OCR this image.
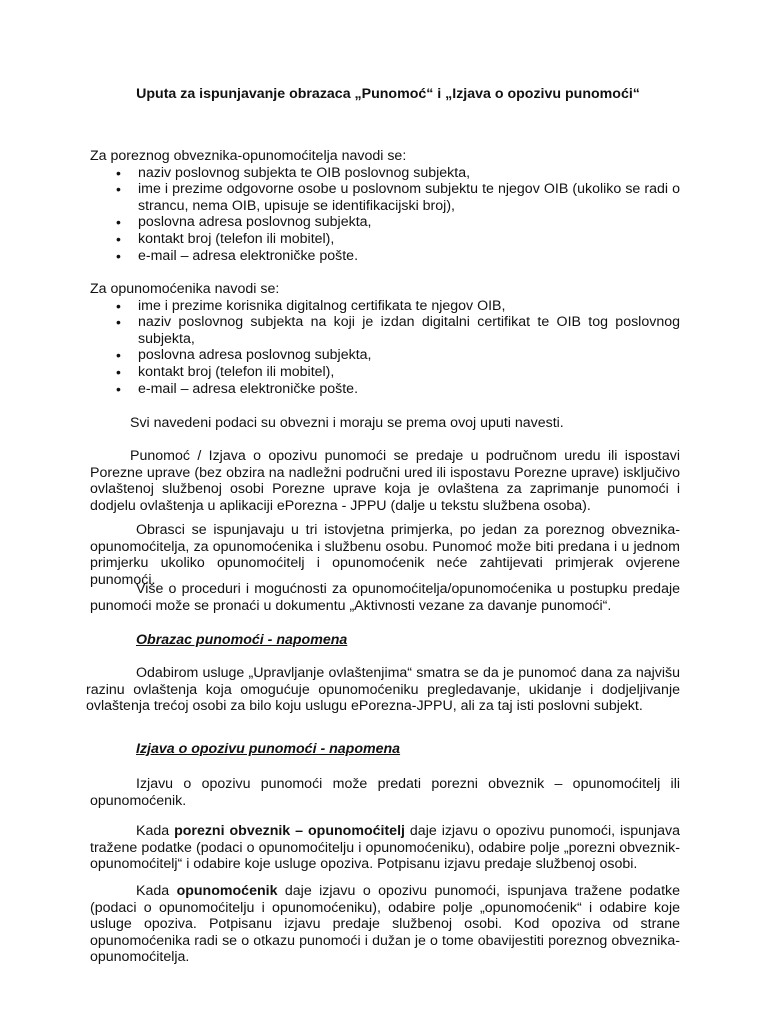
Uputa za ispunjavanje obrazaca „Punomoć“ i „Izjava o opozivu punomoći“

Za poreznog obveznika-opunomoćitelja navodi se:

• naziv poslovnog subjekta te OIB poslovnog subjekta,
• ime i prezime odgovorne osobe u poslovnom subjektu te njegov OIB (ukoliko se radi o strancu, nema OIB, upisuje se identifikacijski broj),
• poslovna adresa poslovnog subjekta,
• kontakt broj (telefon ili mobitel),
• e-mail – adresa elektroničke pošte.

Za opunomoćenika navodi se:

• ime i prezime korisnika digitalnog certifikata te njegov OIB,
• naziv poslovnog subjekta na koji je izdan digitalni certifikat te OIB tog poslovnog subjekta,
• poslovna adresa poslovnog subjekta,
• kontakt broj (telefon ili mobitel),
• e-mail – adresa elektroničke pošte.

Svi navedeni podaci su obvezni i moraju se prema ovoj uputi navesti.

Punomoć / Izjava o opozivu punomoći se predaje u područnom uredu ili ispostavi Porezne uprave (bez obzira na nadležni područni ured ili ispostavu Porezne uprave) isključivo ovlaštenoj službenoj osobi Porezne uprave koja je ovlaštena za zaprimanje punomoći i dodjelu ovlaštenja u aplikaciji ePorezna - JPPU (dalje u tekstu službena osoba).

Obrasci se ispunjavaju u tri istovjetna primjerka, po jedan za poreznog obveznika-opunomoćitelja, za opunomoćenika i službenu osobu. Punomoć može biti predana i u jednom primjerku ukoliko opunomoćitelj i opunomoćenik neće zahtijevati primjerak ovjerene punomoći.

Više o proceduri i mogućnosti za opunomoćitelja/opunomoćenika u postupku predaje punomoći može se pronaći u dokumentu „Aktivnosti vezane za davanje punomoći“.

Obrazac punomoći - napomena

Odabirom usluge „Upravljanje ovlaštenjima“ smatra se da je punomoć dana za najvišu razinu ovlaštenja koja omogućuje opunomoćeniku pregledavanje, ukidanje i dodjeljivanje ovlaštenja trećoj osobi za bilo koju uslugu ePorezna-JPPU, ali za taj isti poslovni subjekt.

Izjava o opozivu punomoći - napomena

Izjavu o opozivu punomoći može predati porezni obveznik – opunomoćitelj ili opunomoćenik.

Kada porezni obveznik – opunomoćitelj daje izjavu o opozivu punomoći, ispunjava tražene podatke (podaci o opunomoćitelju i opunomoćeniku), odabire polje „porezni obveznik-opunomoćitelj“ i odabire koje usluge opoziva. Potpisanu izjavu predaje službenoj osobi.

Kada opunomoćenik daje izjavu o opozivu punomoći, ispunjava tražene podatke (podaci o opunomoćitelju i opunomoćeniku), odabire polje „opunomoćenik“ i odabire koje usluge opoziva. Potpisanu izjavu predaje službenoj osobi. Kod opoziva od strane opunomoćenika radi se o otkazu punomoći i dužan je o tome obavijestiti poreznog obveznika-opunomoćitelja.
